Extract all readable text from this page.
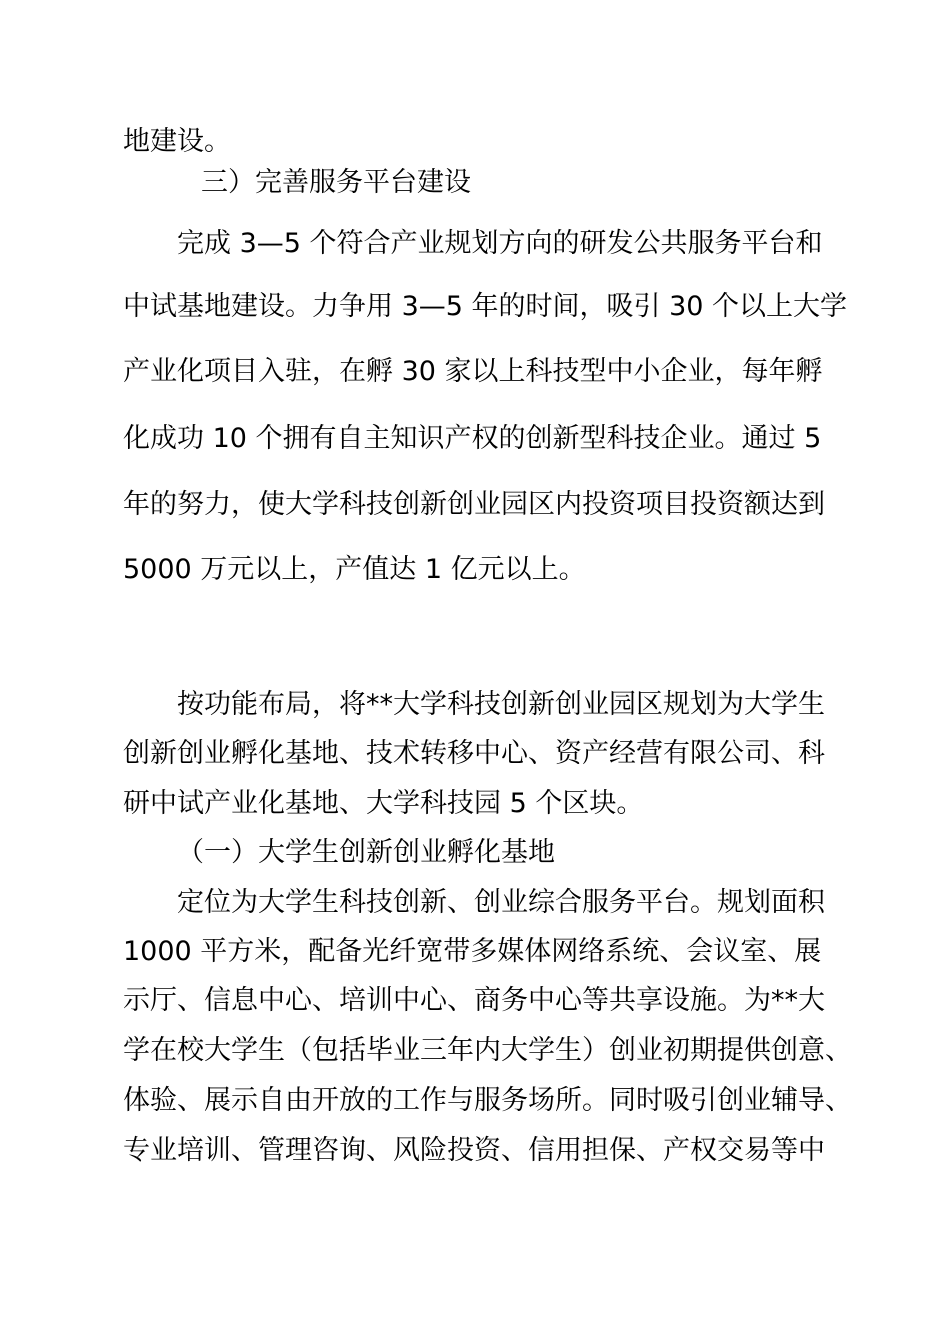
地建设。
三）完善服务平台建设
完成 3—5 个符合产业规划方向的研发公共服务平台和
中试基地建设。力争用 3—5 年的时间，吸引 30 个以上大学
产业化项目入驻，在孵 30 家以上科技型中小企业，每年孵
化成功 10 个拥有自主知识产权的创新型科技企业。通过 5
年的努力，使大学科技创新创业园区内投资项目投资额达到
5000 万元以上，产值达 1 亿元以上。
按功能布局，将**大学科技创新创业园区规划为大学生
创新创业孵化基地、技术转移中心、资产经营有限公司、科
研中试产业化基地、大学科技园 5 个区块。
（一）大学生创新创业孵化基地
定位为大学生科技创新、创业综合服务平台。规划面积
1000 平方米，配备光纤宽带多媒体网络系统、会议室、展
示厅、信息中心、培训中心、商务中心等共享设施。为**大
学在校大学生（包括毕业三年内大学生）创业初期提供创意、
体验、展示自由开放的工作与服务场所。同时吸引创业辅导、
专业培训、管理咨询、风险投资、信用担保、产权交易等中
